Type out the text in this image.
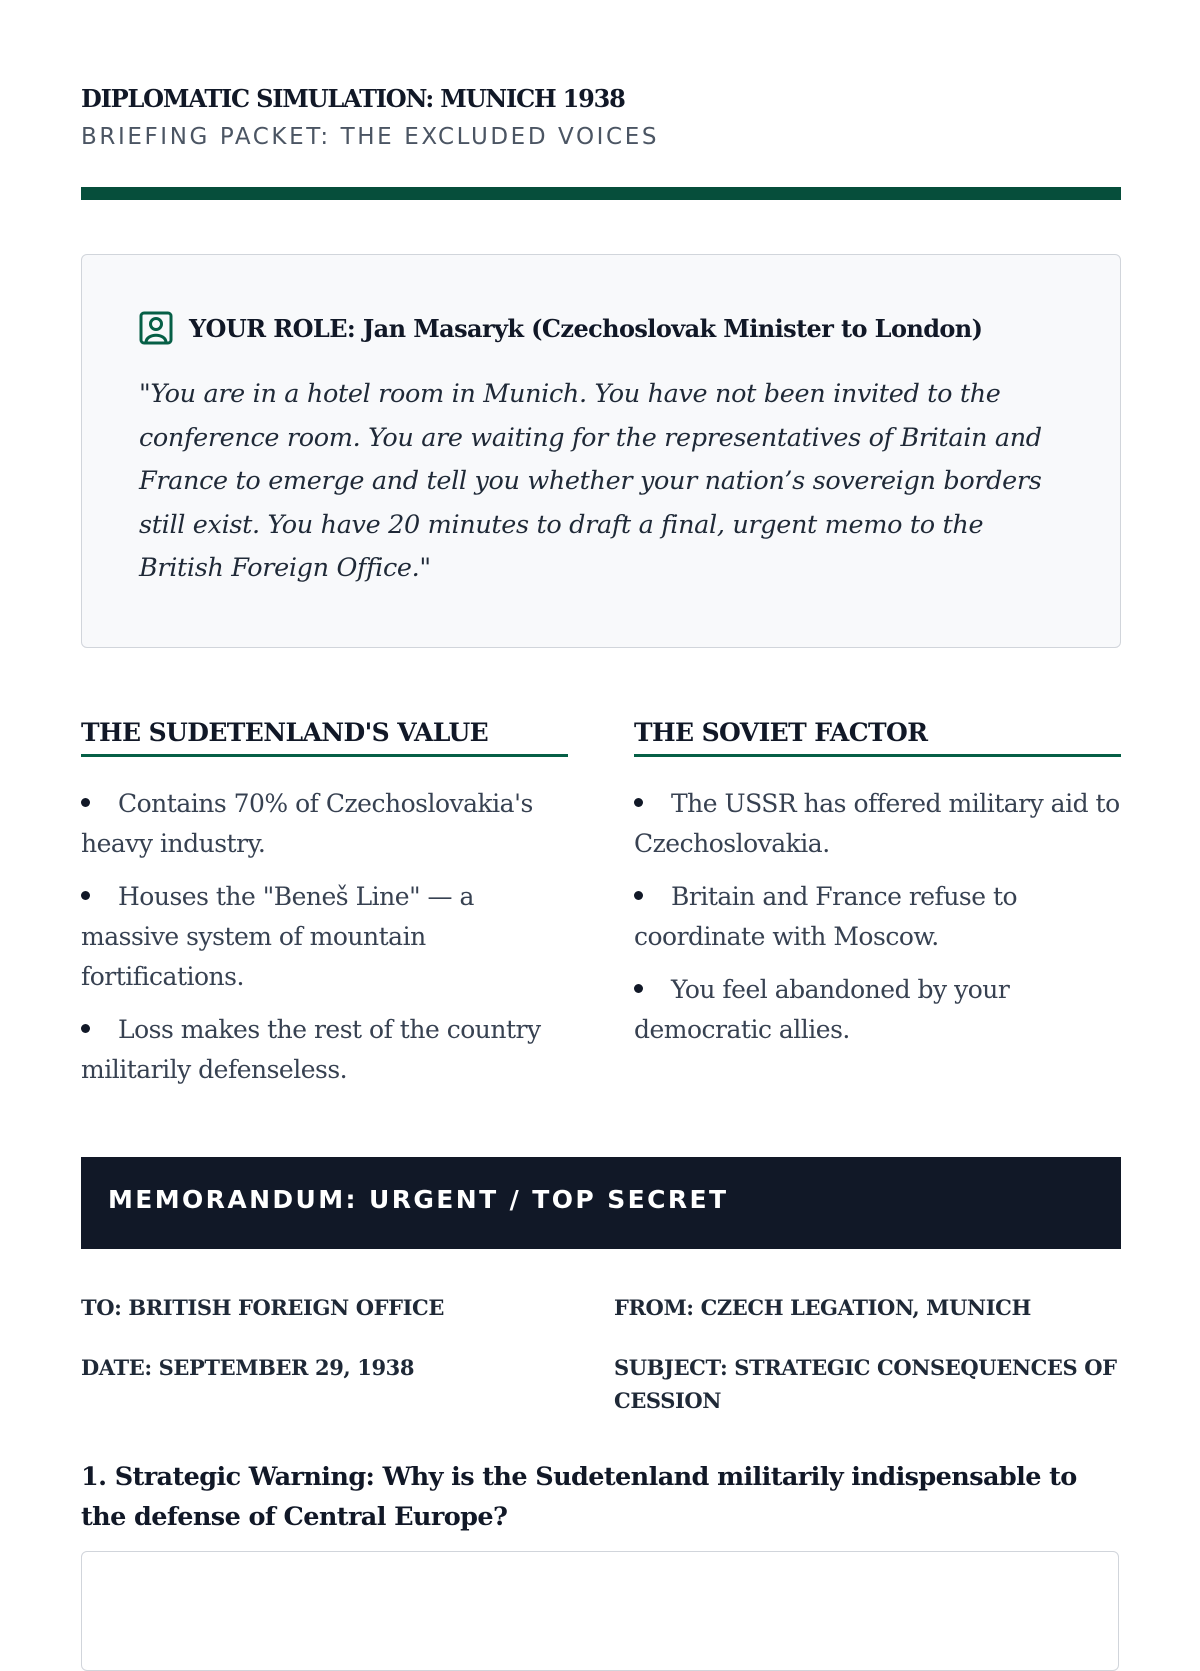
DIPLOMATIC SIMULATION: MUNICH 1938
BRIEFING PACKET: THE EXCLUDED VOICES
YOUR ROLE: Jan Masaryk (Czechoslovak Minister to London)
"You are in a hotel room in Munich. You have not been invited to the conference room. You are waiting for the representatives of Britain and France to emerge and tell you whether your nation’s sovereign borders still exist. You have 20 minutes to draft a final, urgent memo to the British Foreign Office."
THE SUDETENLAND'S VALUE
Contains 70% of Czechoslovakia's heavy industry.
Houses the "Beneš Line" — a massive system of mountain fortifications.
Loss makes the rest of the country militarily defenseless.
THE SOVIET FACTOR
The USSR has offered military aid to Czechoslovakia.
Britain and France refuse to coordinate with Moscow.
You feel abandoned by your democratic allies.
MEMORANDUM: URGENT / TOP SECRET
TO: BRITISH FOREIGN OFFICE	FROM: CZECH LEGATION, MUNICH
DATE: SEPTEMBER 29, 1938	SUBJECT: STRATEGIC CONSEQUENCES OF CESSION
1. Strategic Warning: Why is the Sudetenland militarily indispensable to the defense of Central Europe?
